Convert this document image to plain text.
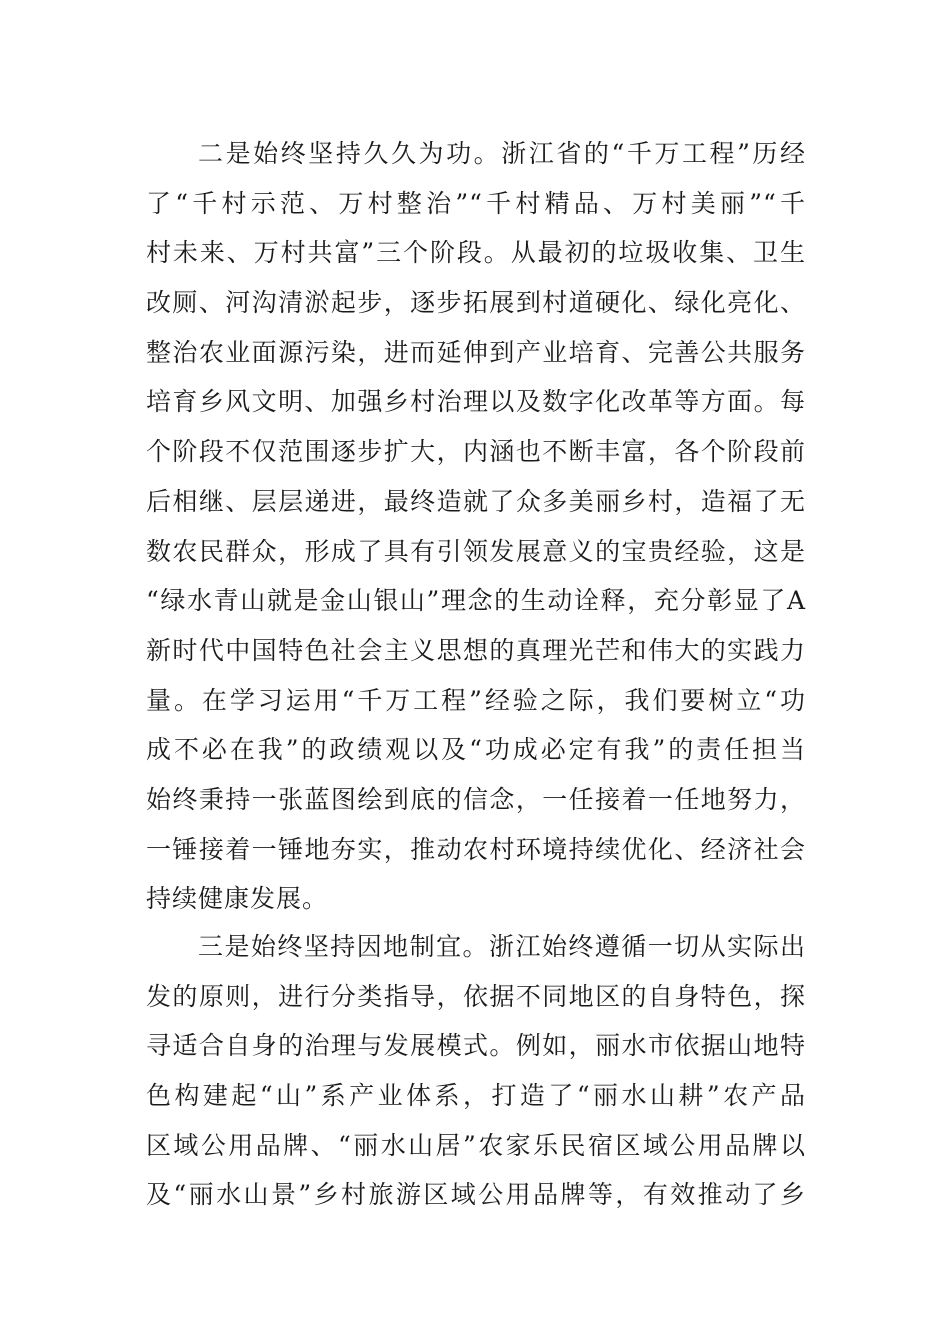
二是始终坚持久久为功。浙江省的“千万工程”历经
了“千村示范、万村整治”“千村精品、万村美丽”“千
村未来、万村共富”三个阶段。从最初的垃圾收集、卫生
改厕、河沟清淤起步，逐步拓展到村道硬化、绿化亮化、
整治农业面源污染，进而延伸到产业培育、完善公共服务
培育乡风文明、加强乡村治理以及数字化改革等方面。每
个阶段不仅范围逐步扩大，内涵也不断丰富，各个阶段前
后相继、层层递进，最终造就了众多美丽乡村，造福了无
数农民群众，形成了具有引领发展意义的宝贵经验，这是
“绿水青山就是金山银山”理念的生动诠释，充分彰显了A
新时代中国特色社会主义思想的真理光芒和伟大的实践力
量。在学习运用“千万工程”经验之际，我们要树立“功
成不必在我”的政绩观以及“功成必定有我”的责任担当
始终秉持一张蓝图绘到底的信念，一任接着一任地努力，
一锤接着一锤地夯实，推动农村环境持续优化、经济社会
持续健康发展。
三是始终坚持因地制宜。浙江始终遵循一切从实际出
发的原则，进行分类指导，依据不同地区的自身特色，探
寻适合自身的治理与发展模式。例如，丽水市依据山地特
色构建起“山”系产业体系，打造了“丽水山耕”农产品
区域公用品牌、“丽水山居”农家乐民宿区域公用品牌以
及“丽水山景”乡村旅游区域公用品牌等，有效推动了乡
